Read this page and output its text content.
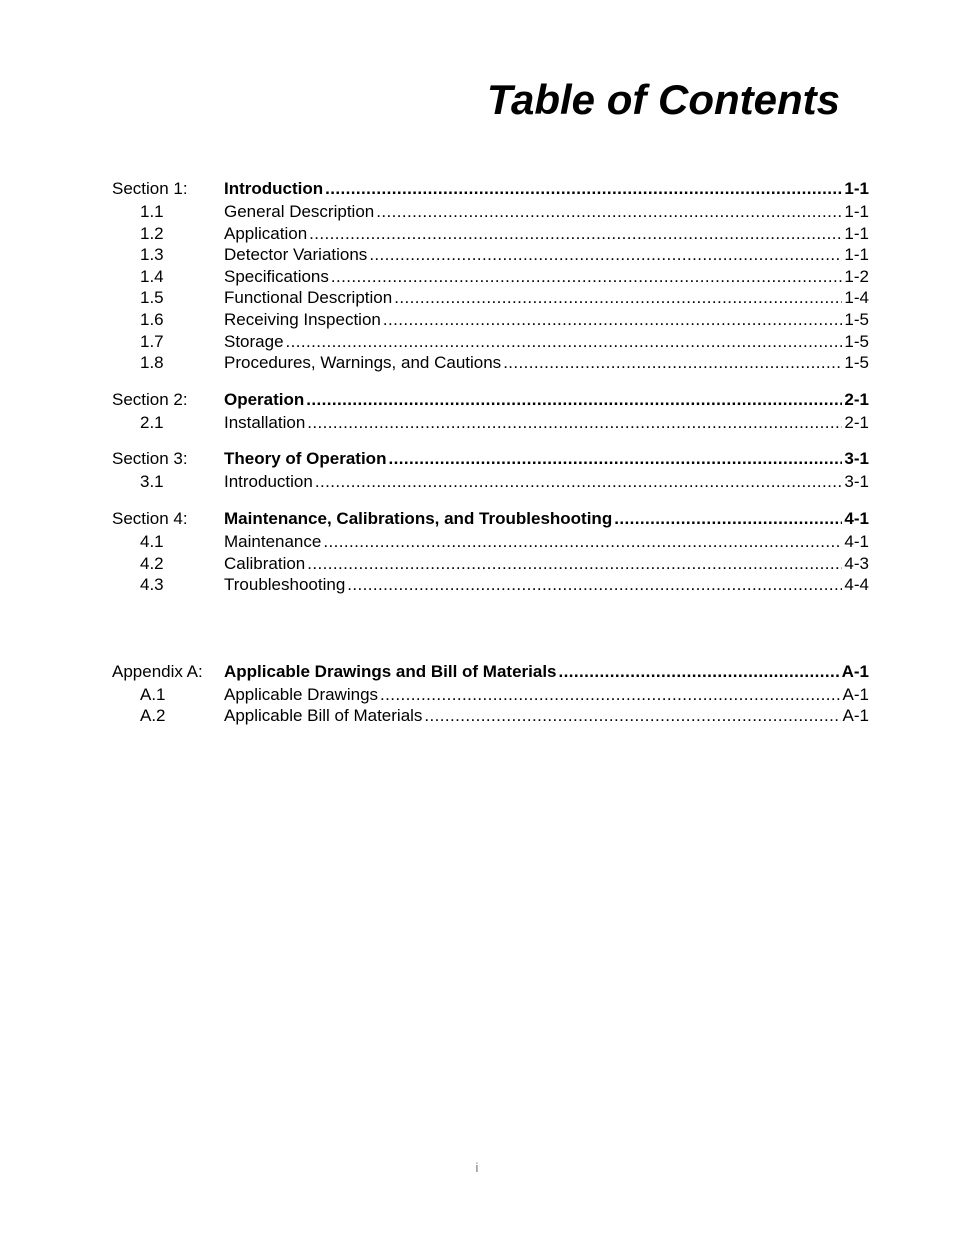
Table of Contents
Section 1:	Introduction .....	1-1
1.1	General Description .....	1-1
1.2	Application .....	1-1
1.3	Detector Variations .....	1-1
1.4	Specifications .....	1-2
1.5	Functional Description .....	1-4
1.6	Receiving Inspection .....	1-5
1.7	Storage .....	1-5
1.8	Procedures, Warnings, and Cautions .....	1-5
Section 2:	Operation .....	2-1
2.1	Installation .....	2-1
Section 3:	Theory of Operation .....	3-1
3.1	Introduction .....	3-1
Section 4:	Maintenance, Calibrations, and Troubleshooting .....	4-1
4.1	Maintenance .....	4-1
4.2	Calibration .....	4-3
4.3	Troubleshooting .....	4-4
Appendix A:	Applicable Drawings and Bill of Materials .....	A-1
A.1	Applicable Drawings .....	A-1
A.2	Applicable Bill of Materials .....	A-1
i
